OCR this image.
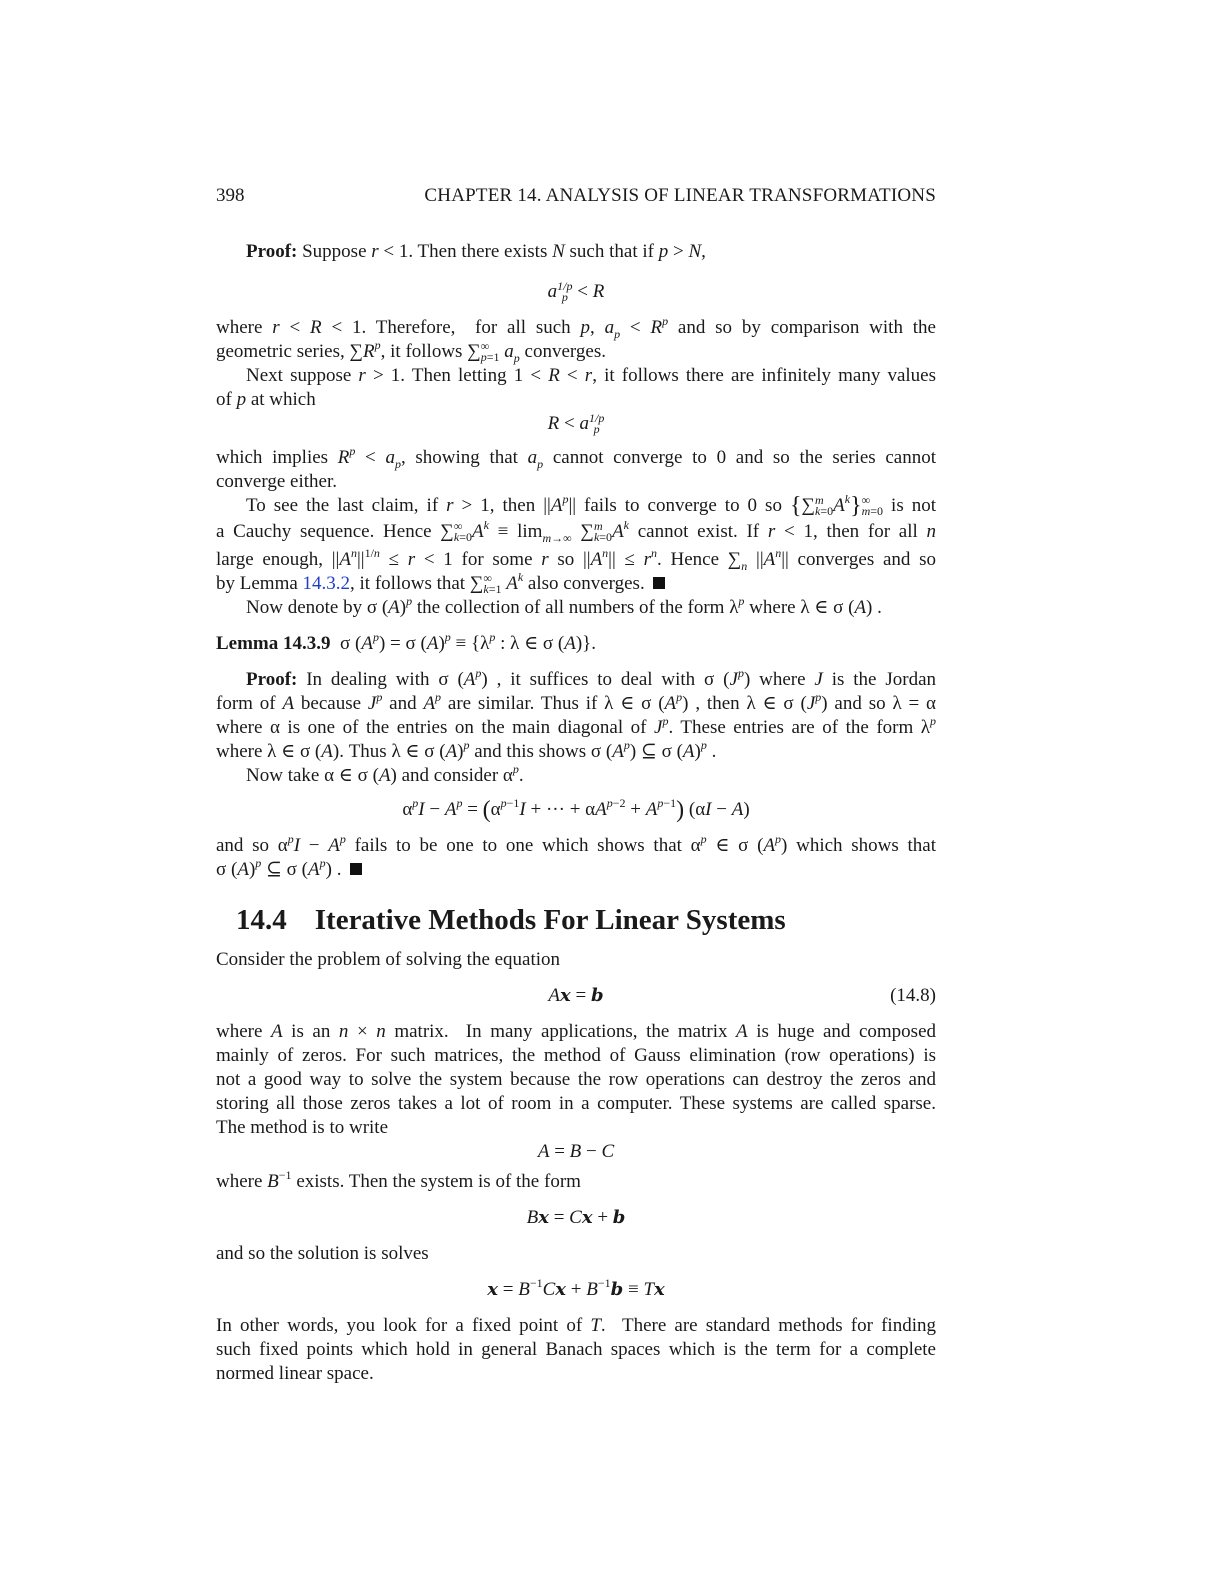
398	CHAPTER 14. ANALYSIS OF LINEAR TRANSFORMATIONS
Proof: Suppose r < 1. Then there exists N such that if p > N,
a 1/p
p < R
where r < R < 1. Therefore,  for all such p, $a_p < R^p$ and so by comparison with the
geometric series, $\sum R^p$, it follows ∑ ∞
p=1 $a_p$ converges.
Next suppose r > 1. Then letting 1 < R < r, it follows there are infinitely many values
of p at which
R < a 1/p
p
which implies $R^p < a_p$, showing that $a_p$ cannot converge to 0 and so the series cannot
converge either.
To see the last claim, if r > 1, then $||A^p||$ fails to converge to 0 so {∑ m
k=0 $A^k$} ∞
m=0 is not
a Cauchy sequence. Hence ∑ ∞
k=0 $A^k \equiv \lim_{m\to\infty}$ ∑ m
k=0 $A^k$ cannot exist. If r < 1, then for all n
large enough, $||A^n||^{1/n} \le r < 1$ for some r so $||A^n|| \le r^n$. Hence $\sum_n$ $||A^n||$ converges and so
by Lemma 14.3.2, it follows that ∑ ∞
k=1 $A^k$ also converges.
Now denote by σ $(A)^p$ the collection of all numbers of the form $\lambda^p$ where λ ∈ σ (A) .
Lemma 14.3.9  σ $(A^p) = \sigma$ $(A)^p \equiv \{\lambda^p$ : λ ∈ σ (A)}.
Proof: In dealing with σ $(A^p)$ , it suffices to deal with σ $(J^p)$ where J is the Jordan
form of A because $J^p$ and $A^p$ are similar. Thus if λ ∈ σ $(A^p)$ , then λ ∈ σ $(J^p)$ and so λ = α
where α is one of the entries on the main diagonal of $J^p$. These entries are of the form $\lambda^p$
where λ ∈ σ (A). Thus λ ∈ σ $(A)^p$ and this shows σ $(A^p)$ ⊆ σ $(A)^p$ .
Now take α ∈ σ (A) and consider $\alpha^p$.
$\alpha^pI - A^p = (\alpha^{p-1}I$ + ··· + $\alpha A^{p-2} + A^{p-1}$) (αI − A)
and so $\alpha^pI - A^p$ fails to be one to one which shows that $\alpha^p$ ∈ σ $(A^p)$ which shows that
σ $(A)^p$ ⊆ σ $(A^p)$ .
14.4 Iterative Methods For Linear Systems
Consider the problem of solving the equation
Ax = b	(14.8)
where A is an n × n matrix.  In many applications, the matrix A is huge and composed
mainly of zeros. For such matrices, the method of Gauss elimination (row operations) is
not a good way to solve the system because the row operations can destroy the zeros and
storing all those zeros takes a lot of room in a computer. These systems are called sparse.
The method is to write
A = B − C
where $B^{-1}$ exists. Then the system is of the form
Bx = Cx + b
and so the solution is solves
$x = B^{-1}Cx + B^{-1}b \equiv Tx$
In other words, you look for a fixed point of T.  There are standard methods for finding
such fixed points which hold in general Banach spaces which is the term for a complete
normed linear space.
